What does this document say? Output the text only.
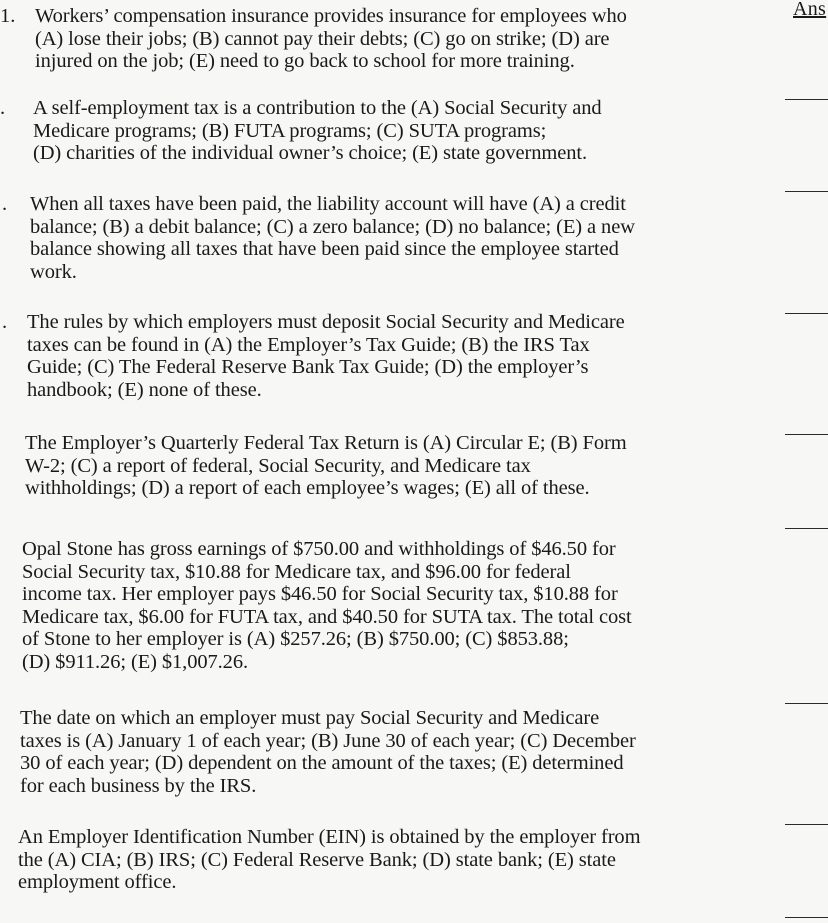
Ans
1. Workers’ compensation insurance provides insurance for employees who
(A) lose their jobs; (B) cannot pay their debts; (C) go on strike; (D) are
injured on the job; (E) need to go back to school for more training.
. A self-employment tax is a contribution to the (A) Social Security and
Medicare programs; (B) FUTA programs; (C) SUTA programs;
(D) charities of the individual owner’s choice; (E) state government.
. When all taxes have been paid, the liability account will have (A) a credit
balance; (B) a debit balance; (C) a zero balance; (D) no balance; (E) a new
balance showing all taxes that have been paid since the employee started
work.
. The rules by which employers must deposit Social Security and Medicare
taxes can be found in (A) the Employer’s Tax Guide; (B) the IRS Tax
Guide; (C) The Federal Reserve Bank Tax Guide; (D) the employer’s
handbook; (E) none of these.
The Employer’s Quarterly Federal Tax Return is (A) Circular E; (B) Form
W-2; (C) a report of federal, Social Security, and Medicare tax
withholdings; (D) a report of each employee’s wages; (E) all of these.
Opal Stone has gross earnings of $750.00 and withholdings of $46.50 for
Social Security tax, $10.88 for Medicare tax, and $96.00 for federal
income tax. Her employer pays $46.50 for Social Security tax, $10.88 for
Medicare tax, $6.00 for FUTA tax, and $40.50 for SUTA tax. The total cost
of Stone to her employer is (A) $257.26; (B) $750.00; (C) $853.88;
(D) $911.26; (E) $1,007.26.
The date on which an employer must pay Social Security and Medicare
taxes is (A) January 1 of each year; (B) June 30 of each year; (C) December
30 of each year; (D) dependent on the amount of the taxes; (E) determined
for each business by the IRS.
An Employer Identification Number (EIN) is obtained by the employer from
the (A) CIA; (B) IRS; (C) Federal Reserve Bank; (D) state bank; (E) state
employment office.
